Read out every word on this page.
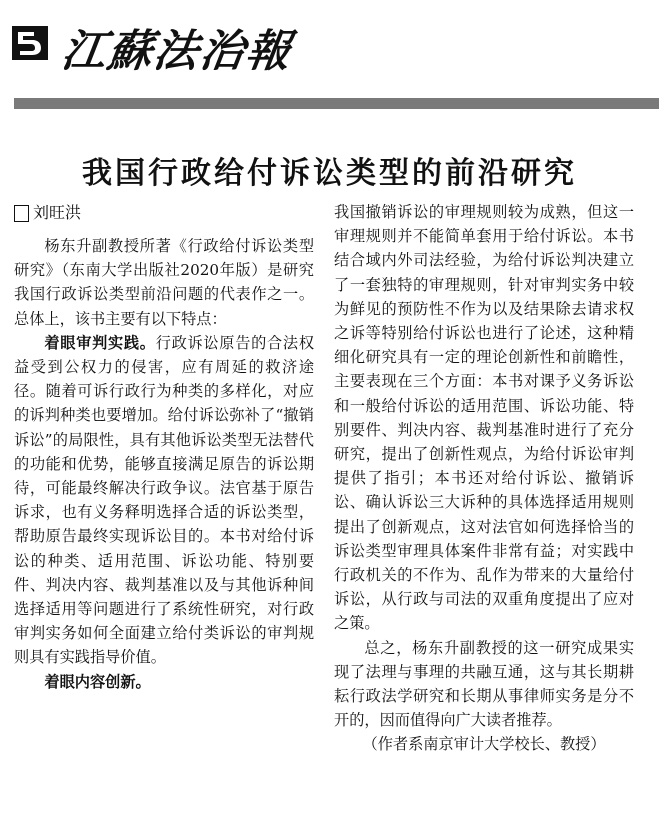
江蘇法治報
我国行政给付诉讼类型的前沿研究
刘旺洪

杨东升副教授所著《行政给付诉讼类型研究》（东南大学出版社2020年版）是研究我国行政诉讼类型前沿问题的代表作之一。总体上，该书主要有以下特点：

着眼审判实践。行政诉讼原告的合法权益受到公权力的侵害，应有周延的救济途径。随着可诉行政行为种类的多样化，对应的诉判种类也要增加。给付诉讼弥补了“撤销诉讼”的局限性，具有其他诉讼类型无法替代的功能和优势，能够直接满足原告的诉讼期待，可能最终解决行政争议。法官基于原告诉求，也有义务释明选择合适的诉讼类型，帮助原告最终实现诉讼目的。本书对给付诉讼的种类、适用范围、诉讼功能、特别要件、判决内容、裁判基准以及与其他诉种间选择适用等问题进行了系统性研究，对行政审判实务如何全面建立给付类诉讼的审判规则具有实践指导价值。

着眼内容创新。

我国撤销诉讼的审理规则较为成熟，但这一审理规则并不能简单套用于给付诉讼。本书结合域内外司法经验，为给付诉讼判决建立了一套独特的审理规则，针对审判实务中较为鲜见的预防性不作为以及结果除去请求权之诉等特别给付诉讼也进行了论述，这种精细化研究具有一定的理论创新性和前瞻性，主要表现在三个方面：本书对课予义务诉讼和一般给付诉讼的适用范围、诉讼功能、特别要件、判决内容、裁判基准时进行了充分研究，提出了创新性观点，为给付诉讼审判提供了指引；本书还对给付诉讼、撤销诉讼、确认诉讼三大诉种的具体选择适用规则提出了创新观点，这对法官如何选择恰当的诉讼类型审理具体案件非常有益；对实践中行政机关的不作为、乱作为带来的大量给付诉讼，从行政与司法的双重角度提出了应对之策。

总之，杨东升副教授的这一研究成果实现了法理与事理的共融互通，这与其长期耕耘行政法学研究和长期从事律师实务是分不开的，因而值得向广大读者推荐。

（作者系南京审计大学校长、教授）
